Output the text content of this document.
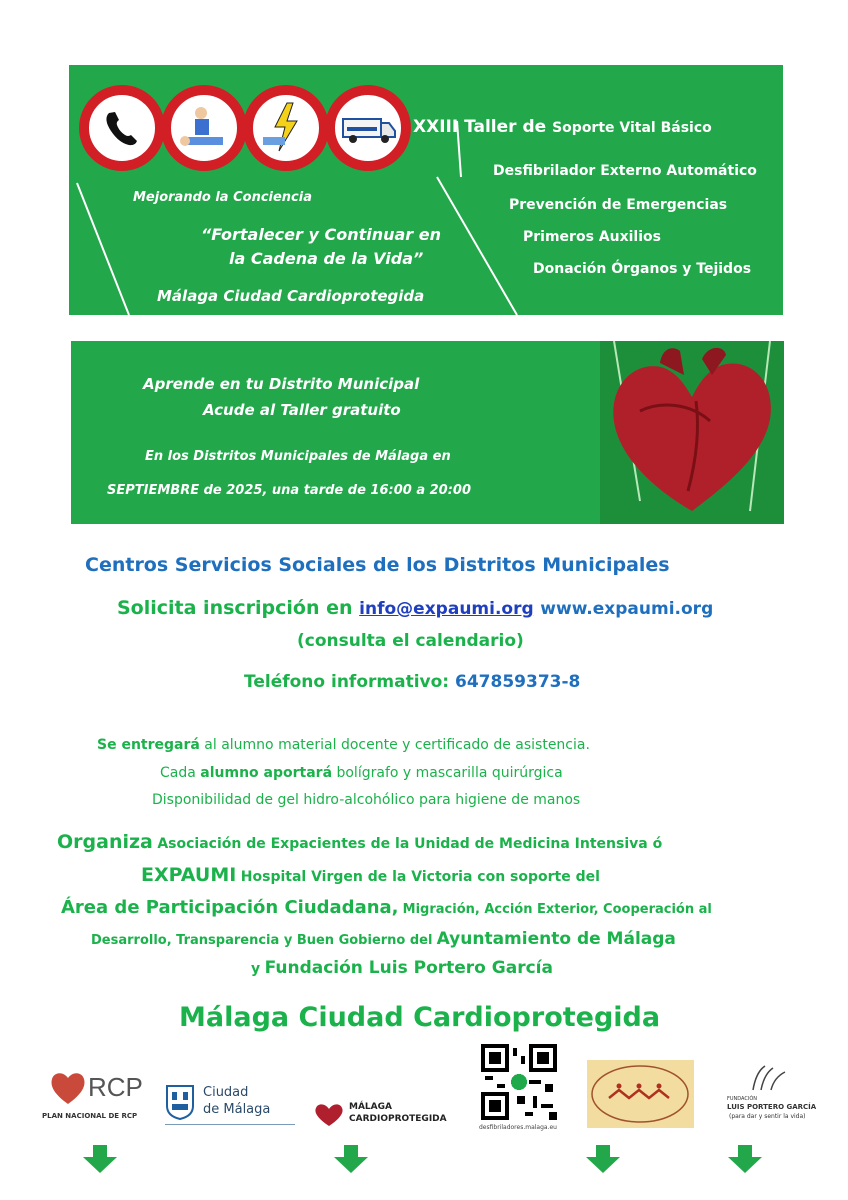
XXIII Taller de Soporte Vital Básico
Desfibrilador Externo Automático
Prevención de Emergencias
Primeros Auxilios
Donación Órganos y Tejidos
Mejorando la Conciencia
“Fortalecer y Continuar en
la Cadena de la Vida”
Málaga Ciudad Cardioprotegida
Aprende en tu Distrito Municipal
Acude al Taller gratuito
En los Distritos Municipales de Málaga en
SEPTIEMBRE de 2025, una tarde de 16:00 a 20:00
Centros Servicios Sociales de los Distritos Municipales
Solicita inscripción en info@expaumi.org www.expaumi.org
(consulta el calendario)
Teléfono informativo: 647859373-8
Se entregará al alumno material docente y certificado de asistencia.
Cada alumno aportará bolígrafo y mascarilla quirúrgica
Disponibilidad de gel hidro-alcohólico para higiene de manos
Organiza Asociación de Expacientes de la Unidad de Medicina Intensiva ó
EXPAUMI Hospital Virgen de la Victoria con soporte del
Área de Participación Ciudadana, Migración, Acción Exterior, Cooperación al
Desarrollo, Transparencia y Buen Gobierno del Ayuntamiento de Málaga
y Fundación Luis Portero García
Málaga Ciudad Cardioprotegida
RCP
PLAN NACIONAL DE RCP
Ciudad
de Málaga	MÁLAGA
CARDIOPROTEGIDA
desfibriladores.malaga.eu
FUNDACIÓN
LUIS PORTERO GARCÍA
(para dar y sentir la vida)
